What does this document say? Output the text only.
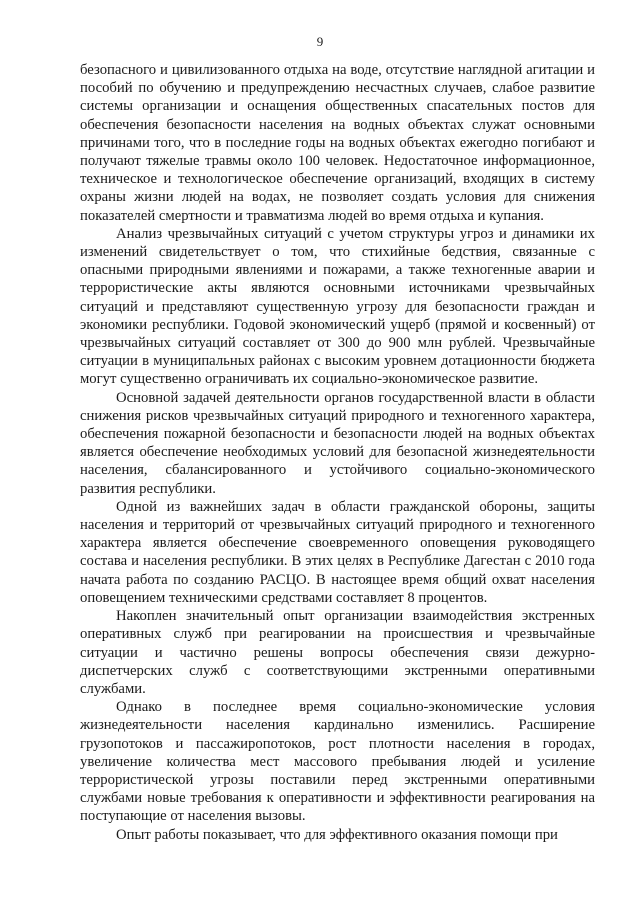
9

безопасного и цивилизованного отдыха на воде, отсутствие наглядной агитации и пособий по обучению и предупреждению несчастных случаев, слабое развитие системы организации и оснащения общественных спасательных постов для обеспечения безопасности населения на водных объектах служат основными причинами того, что в последние годы на водных объектах ежегодно погибают и получают тяжелые травмы около 100 человек. Недостаточное информационное, техническое и технологическое обеспечение организаций, входящих в систему охраны жизни людей на водах, не позволяет создать условия для снижения показателей смертности и травматизма людей во время отдыха и купания.

Анализ чрезвычайных ситуаций с учетом структуры угроз и динамики их изменений свидетельствует о том, что стихийные бедствия, связанные с опасными природными явлениями и пожарами, а также техногенные аварии и террористические акты являются основными источниками чрезвычайных ситуаций и представляют существенную угрозу для безопасности граждан и экономики республики. Годовой экономический ущерб (прямой и косвенный) от чрезвычайных ситуаций составляет от 300 до 900 млн рублей. Чрезвычайные ситуации в муниципальных районах с высоким уровнем дотационности бюджета могут существенно ограничивать их социально-экономическое развитие.

Основной задачей деятельности органов государственной власти в области снижения рисков чрезвычайных ситуаций природного и техногенного характера, обеспечения пожарной безопасности и безопасности людей на водных объектах является обеспечение необходимых условий для безопасной жизнедеятельности населения, сбалансированного и устойчивого социально-экономического развития республики.

Одной из важнейших задач в области гражданской обороны, защиты населения и территорий от чрезвычайных ситуаций природного и техногенного характера является обеспечение своевременного оповещения руководящего состава и населения республики. В этих целях в Республике Дагестан с 2010 года начата работа по созданию РАСЦО. В настоящее время общий охват населения оповещением техническими средствами составляет 8 процентов.

Накоплен значительный опыт организации взаимодействия экстренных оперативных служб при реагировании на происшествия и чрезвычайные ситуации и частично решены вопросы обеспечения связи дежурно-диспетчерских служб с соответствующими экстренными оперативными службами.

Однако в последнее время социально-экономические условия жизнедеятельности населения кардинально изменились. Расширение грузопотоков и пассажиропотоков, рост плотности населения в городах, увеличение количества мест массового пребывания людей и усиление террористической угрозы поставили перед экстренными оперативными службами новые требования к оперативности и эффективности реагирования на поступающие от населения вызовы.

Опыт работы показывает, что для эффективного оказания помощи при
